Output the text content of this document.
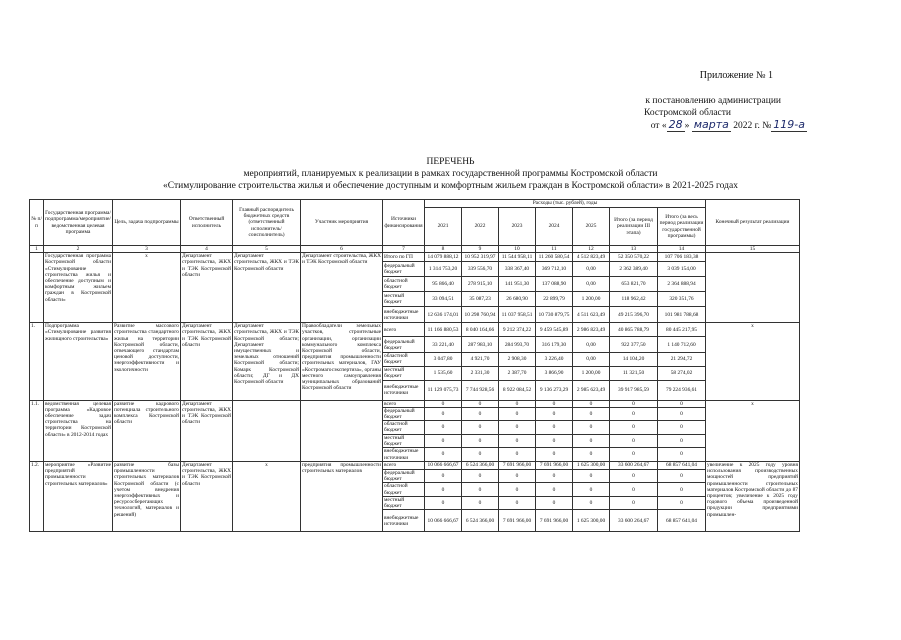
Приложение № 1
к постановлению администрации
Костромской области
от « 28 » марта 2022 г. № 119-а
ПЕРЕЧЕНЬ
мероприятий, планируемых к реализации в рамках государственной программы Костромской области
«Стимулирование строительства жилья и обеспечение доступным и комфортным жильем граждан в Костромской области» в 2021-2025 годах
№ п/п	Государственная программа/подпрограмма/мероприятие/ведомственная целевая программа	Цель, задача подпрограммы	Ответственный исполнитель	Главный распорядитель бюджетных средств (ответственный исполнитель/соисполнитель)	Участник мероприятия	Источники финансирования	Расходы (тыс. рублей), годы							Конечный результат реализации
							2021	2022	2023	2024	2025	Итого (за период реализации III этапа)	Итого (за весь период реализации государственной программы)	
1	2	3	4	5	6	7	8	9	10	11	12	13	14	15
	Государственная программа Костромской области «Стимулирование строительства жилья и обеспечение доступным и комфортным жильем граждан в Костромской области»	х	Департамент строительства, ЖКХ и ТЭК Костромской области	Департамент строительства, ЖКХ и ТЭК Костромской области	Департамент строительства, ЖКХ и ТЭК Костромской области	Итого по ГП	14 079 888,12	10 952 319,97	11 544 958,11	11 260 580,54	4 512 823,49	52 350 570,22	107 706 183,38	
						федеральный бюджет	1 314 753,20	339 556,70	338 367,40	369 712,10	0,00	2 362 389,40	3 039 154,00	
						областной бюджет	95 866,40	278 915,10	141 951,30	137 088,90	0,00	653 821,70	2 364 888,94	
						местный бюджет	33 094,51	35 087,23	26 680,90	22 899,79	1 200,00	118 962,42	320 351,76	
						внебюджетные источники	12 636 174,01	10 298 760,94	11 037 958,51	10 730 879,75	4 511 623,49	49 215 396,70	101 981 788,68	
1.	Подпрограмма «Стимулирование развития жилищного строительства»	Развитие массового строительства стандартного жилья на территории Костромской области, отвечающего стандартам ценовой доступности, энергоэффективности и экологичности	Департамент строительства, ЖКХ и ТЭК Костромской области	Департамент строительства, ЖКХ и ТЭК Костромской области; Департамент имущественных и земельных отношений Костромской области; Комарк Костромской области; ДГ и ДХ Костромской области	Правообладатели земельных участков, строительные организации, организации коммунального комплекса Костромской области, предприятия промышленности строительных материалов, ГАУ «Костромагосэкспертиза», органы местного самоуправления муниципальных образований Костромской области	всего	11 166 880,53	8 040 164,66	9 212 374,22	9 459 545,89	2 986 823,49	40 865 788,79	80 445 217,95	х
						федеральный бюджет	33 221,40	287 983,10	284 993,70	316 179,30	0,00	922 377,50	1 140 712,60	
						областной бюджет	3 047,80	4 921,70	2 908,30	3 226,40	0,00	14 104,20	21 294,72	
						местный бюджет	1 535,60	2 331,30	2 387,70	3 866,90	1 200,00	11 321,50	58 274,02	
						внебюджетные источники	11 129 075,73	7 744 928,56	8 922 084,52	9 136 273,29	2 985 623,49	39 917 985,59	79 224 936,61	
1.1.	ведомственная целевая программа «Кадровое обеспечение задач строительства на территории Костромской области» в 2012-2014 годах	развитие кадрового потенциала строительного комплекса Костромской области	Департамент строительства, ЖКХ и ТЭК Костромской области			всего	0	0	0	0	0	0	0	х
						федеральный бюджет	0	0	0	0	0	0	0	
						областной бюджет	0	0	0	0	0	0	0	
						местный бюджет	0	0	0	0	0	0	0	
						внебюджетные источники	0	0	0	0	0	0	0	
1.2.	мероприятие «Развитие предприятий промышленности строительных материалов»	развитие базы промышленности строительных материалов Костромской области (с учетом внедрения энергоэффективных и ресурсосберегающих технологий, материалов и решений)	Департамент строительства, ЖКХ и ТЭК Костромской области	х	предприятия промышленности строительных материалов	всего	10 066 666,67	6 524 366,00	7 691 966,00	7 691 966,00	1 625 300,00	33 600 264,67	68 857 641,04	увеличение к 2025 году уровня использования производственных мощностей предприятий промышленности строительных материалов Костромской области до 87 процентов; увеличение к 2025 году годового объема произведенной продукции предприятиями промышлен-
						федеральный бюджет	0	0	0	0	0	0	0	
						областной бюджет	0	0	0	0	0	0	0	
						местный бюджет	0	0	0	0	0	0	0	
						внебюджетные источники	10 066 666,67	6 524 366,00	7 691 966,00	7 691 966,00	1 625 300,00	33 600 264,67	68 857 641,04	
